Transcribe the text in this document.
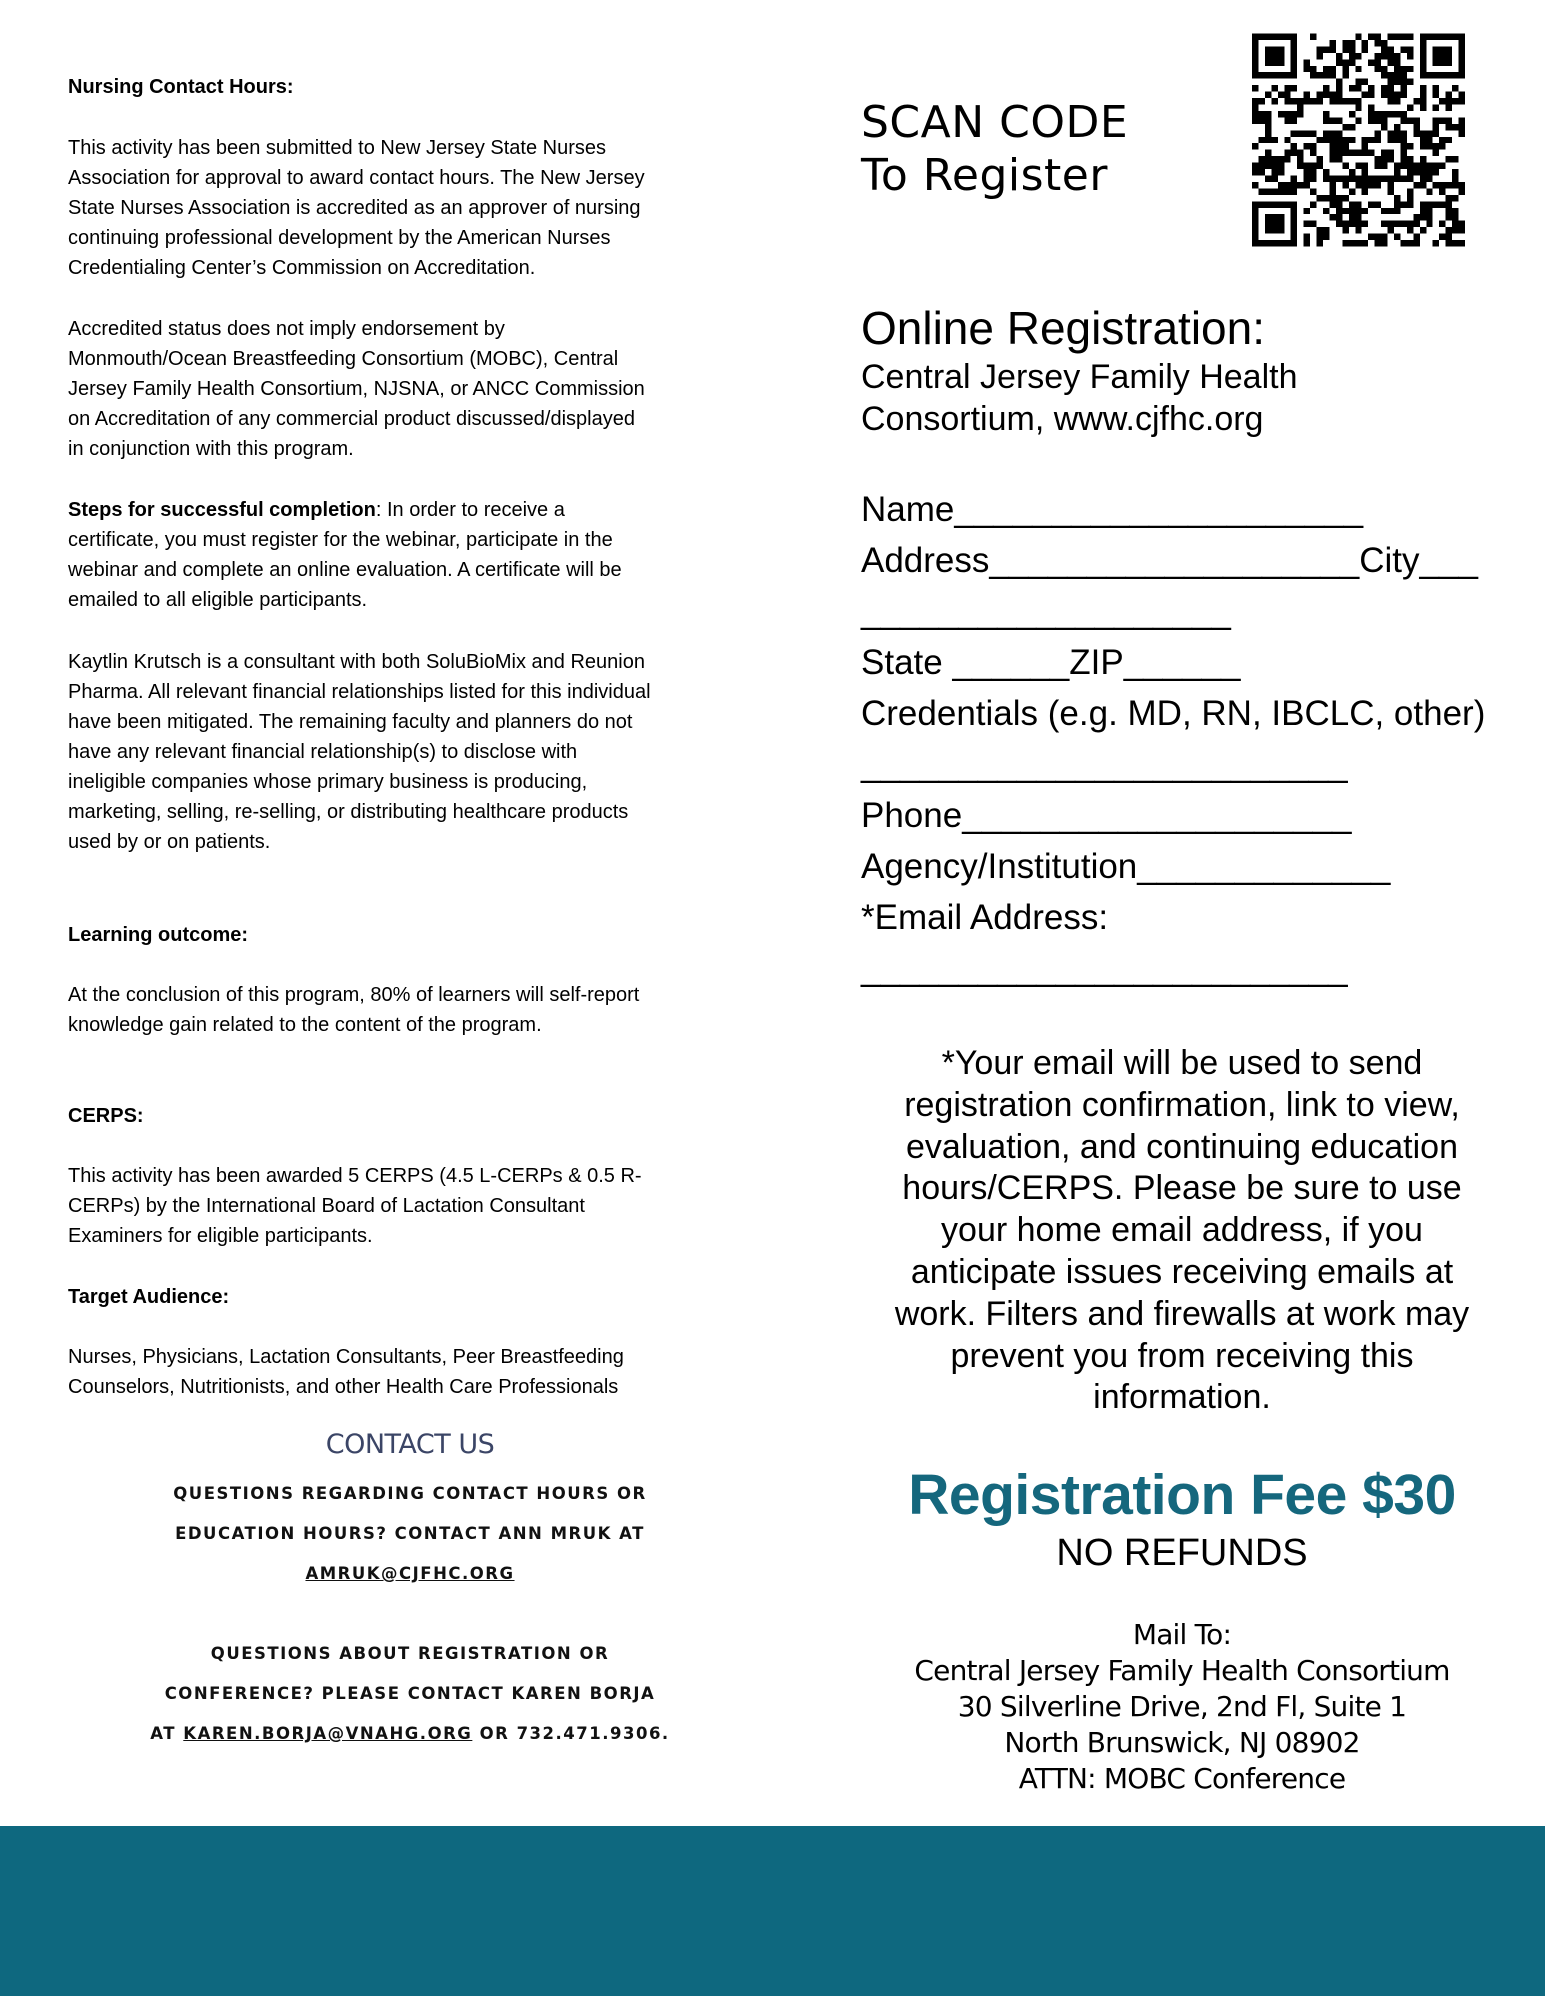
Nursing Contact Hours:

This activity has been submitted to New Jersey State Nurses

Association for approval to award contact hours. The New Jersey

State Nurses Association is accredited as an approver of nursing

continuing professional development by the American Nurses

Credentialing Center’s Commission on Accreditation.

Accredited status does not imply endorsement by

Monmouth/Ocean Breastfeeding Consortium (MOBC), Central

Jersey Family Health Consortium, NJSNA, or ANCC Commission

on Accreditation of any commercial product discussed/displayed

in conjunction with this program.

Steps for successful completion: In order to receive a

certificate, you must register for the webinar, participate in the

webinar and complete an online evaluation. A certificate will be

emailed to all eligible participants.

Kaytlin Krutsch is a consultant with both SoluBioMix and Reunion

Pharma. All relevant financial relationships listed for this individual

have been mitigated. The remaining faculty and planners do not

have any relevant financial relationship(s) to disclose with

ineligible companies whose primary business is producing,

marketing, selling, re-selling, or distributing healthcare products

used by or on patients.

Learning outcome:

At the conclusion of this program, 80% of learners will self-report

knowledge gain related to the content of the program.

CERPS:

This activity has been awarded 5 CERPS (4.5 L-CERPs & 0.5 R-

CERPs) by the International Board of Lactation Consultant

Examiners for eligible participants.

Target Audience:

Nurses, Physicians, Lactation Consultants, Peer Breastfeeding

Counselors, Nutritionists, and other Health Care Professionals

CONTACT US
QUESTIONS REGARDING CONTACT HOURS OR
EDUCATION HOURS? CONTACT ANN MRUK AT
AMRUK@CJFHC.ORG
QUESTIONS ABOUT REGISTRATION OR
CONFERENCE? PLEASE CONTACT KAREN BORJA
AT KAREN.BORJA@VNAHG.ORG OR 732.471.9306.
SCAN CODE
To Register
Online Registration:
Central Jersey Family Health
Consortium, www.cjfhc.org
Name_____________________
Address___________________City___
___________________
State ______ZIP______
Credentials (e.g. MD, RN, IBCLC, other)
_________________________
Phone____________________
Agency/Institution_____________
*Email Address:
_________________________
*Your email will be used to send
registration confirmation, link to view,
evaluation, and continuing education
hours/CERPS. Please be sure to use
your home email address, if you
anticipate issues receiving emails at
work. Filters and firewalls at work may
prevent you from receiving this
information.
Registration Fee $30
NO REFUNDS
Mail To:
Central Jersey Family Health Consortium
30 Silverline Drive, 2nd Fl, Suite 1
North Brunswick, NJ 08902
ATTN: MOBC Conference
